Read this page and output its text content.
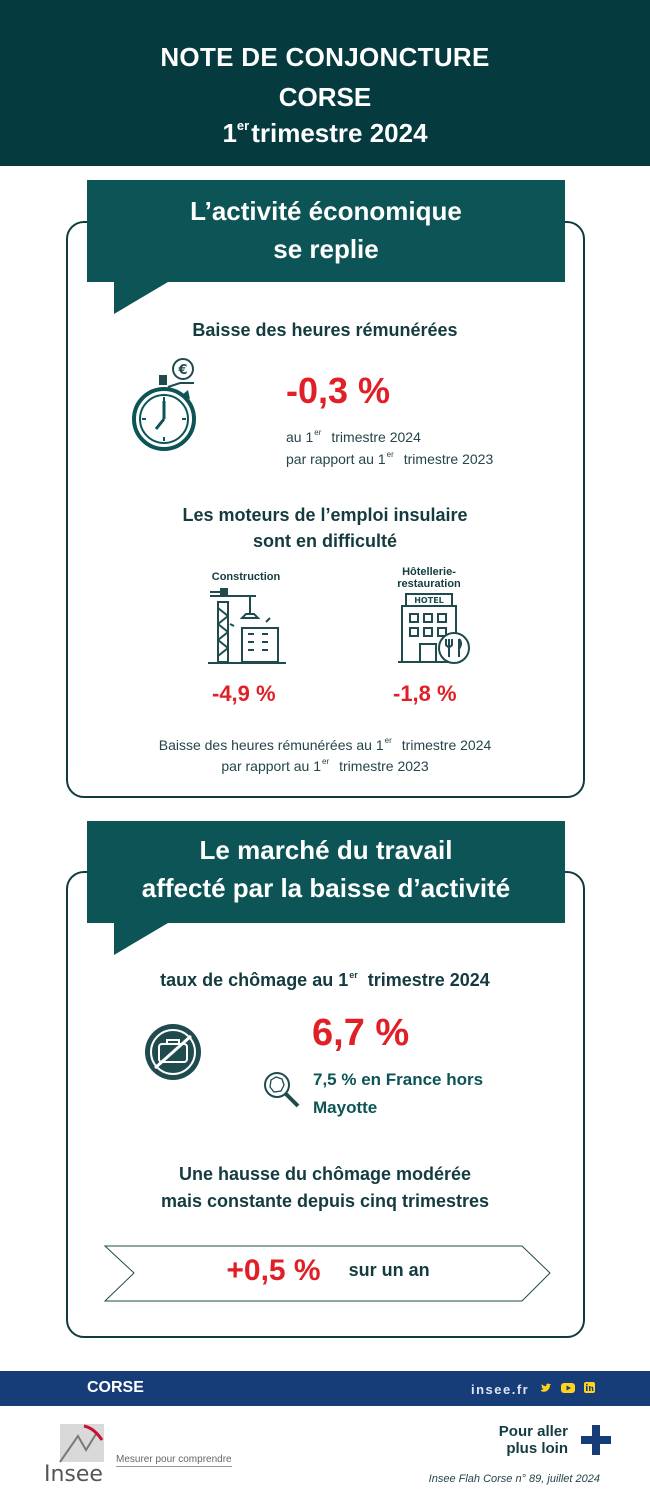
NOTE DE CONJONCTURE
CORSE
1ertrimestre 2024
L’activité économique
se replie
Baisse des heures rémunérées
€	-0,3 %
au 1er trimestre 2024
par rapport au 1er trimestre 2023
Les moteurs de l’emploi insulaire
sont en difficulté
Construction	Hôtellerie-
restauration
HOTEL
-4,9 %	-1,8 %
Baisse des heures rémunérées au 1er trimestre 2024
par rapport au 1er trimestre 2023
Le marché du travail
affecté par la baisse d’activité
taux de chômage au 1er trimestre 2024
6,7 %
7,5 % en France hors
Mayotte
Une hausse du chômage modérée
mais constante depuis cinq trimestres
+0,5 % sur un an
CORSE	insee.fr
Insee
Mesurer pour comprendre
Pour aller
plus loin
Insee Flah Corse n° 89, juillet 2024
